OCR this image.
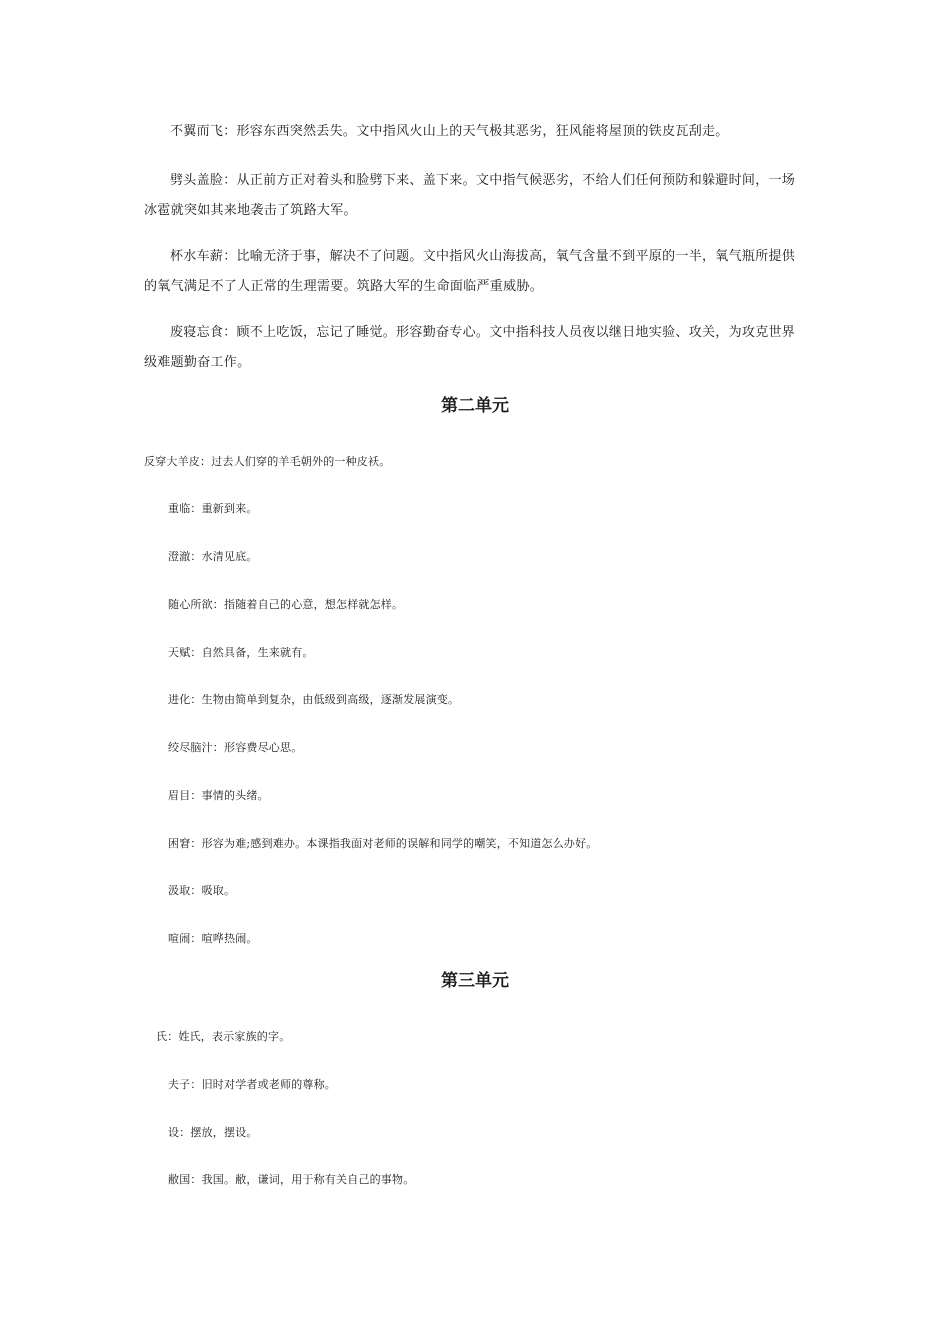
不翼而飞：形容东西突然丢失。文中指风火山上的天气极其恶劣，狂风能将屋顶的铁皮瓦刮走。

劈头盖脸：从正前方正对着头和脸劈下来、盖下来。文中指气候恶劣，不给人们任何预防和躲避时间，一场冰雹就突如其来地袭击了筑路大军。

杯水车薪：比喻无济于事，解决不了问题。文中指风火山海拔高，氧气含量不到平原的一半，氧气瓶所提供的氧气满足不了人正常的生理需要。筑路大军的生命面临严重威胁。

废寝忘食：顾不上吃饭，忘记了睡觉。形容勤奋专心。文中指科技人员夜以继日地实验、攻关，为攻克世界级难题勤奋工作。

第二单元

反穿大羊皮：过去人们穿的羊毛朝外的一种皮袄。

重临：重新到来。

澄澈：水清见底。

随心所欲：指随着自己的心意，想怎样就怎样。

天赋：自然具备，生来就有。

进化：生物由简单到复杂，由低级到高级，逐渐发展演变。

绞尽脑汁：形容费尽心思。

眉目：事情的头绪。

困窘：形容为难;感到难办。本课指我面对老师的误解和同学的嘲笑，不知道怎么办好。

汲取：吸取。

喧闹：喧哗热闹。

第三单元

氏：姓氏，表示家族的字。

夫子：旧时对学者或老师的尊称。

设：摆放，摆设。

敝国：我国。敝，谦词，用于称有关自己的事物。
